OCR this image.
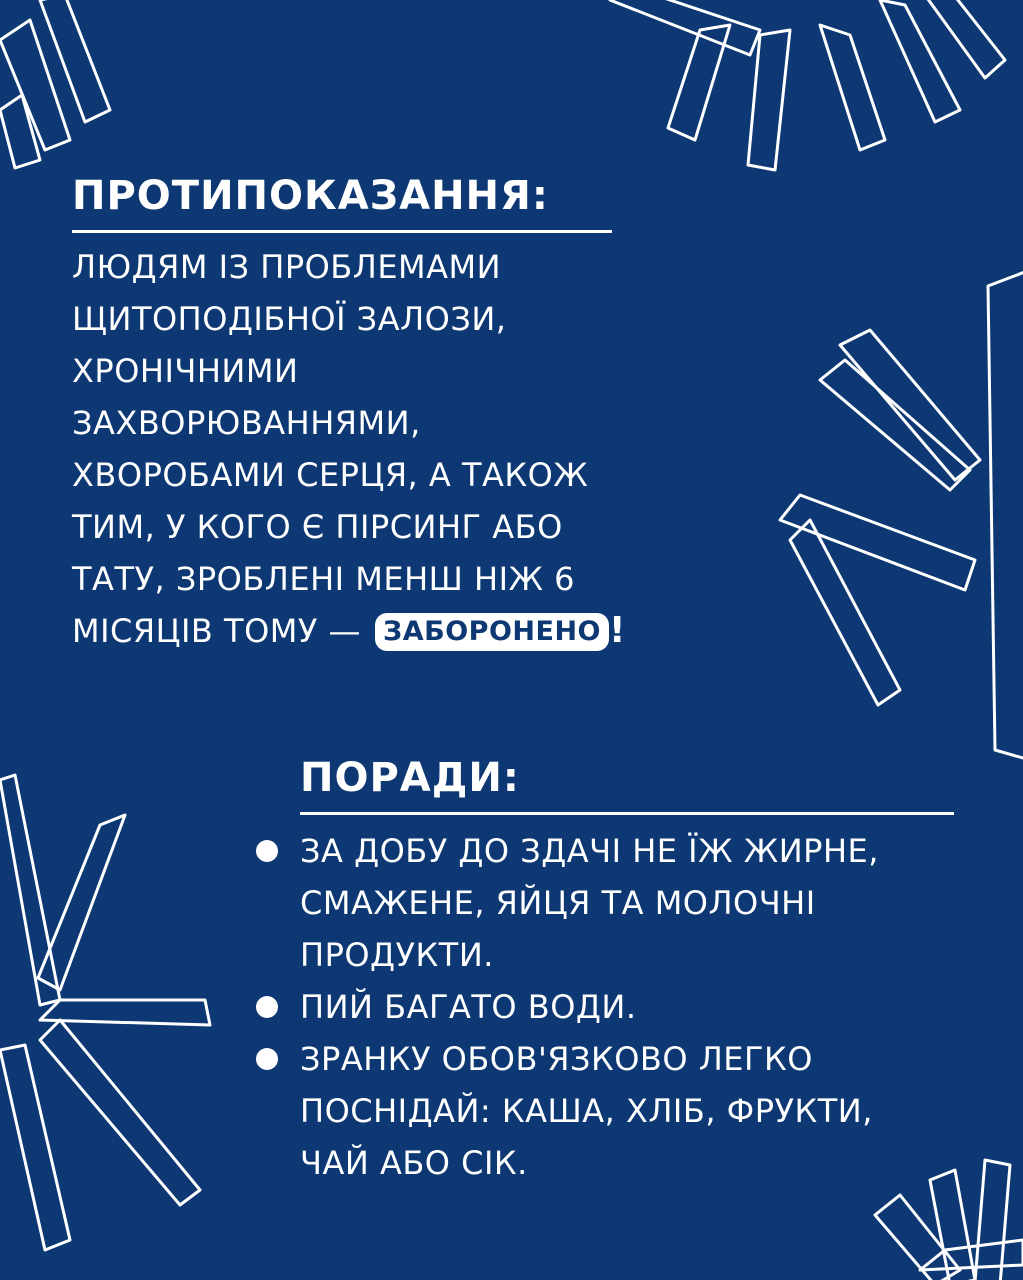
ПРОТИПОКАЗАННЯ:
ЛЮДЯМ ІЗ ПРОБЛЕМАМИ
ЩИТОПОДІБНОЇ ЗАЛОЗИ,
ХРОНІЧНИМИ
ЗАХВОРЮВАННЯМИ,
ХВОРОБАМИ СЕРЦЯ, А ТАКОЖ
ТИМ, У КОГО Є ПІРСИНГ АБО
ТАТУ, ЗРОБЛЕНІ МЕНШ НІЖ 6
МІСЯЦІВ ТОМУ — ЗАБОРОНЕНО !
ПОРАДИ:
ЗА ДОБУ ДО ЗДАЧІ НЕ ЇЖ ЖИРНЕ,
СМАЖЕНЕ, ЯЙЦЯ ТА МОЛОЧНІ
ПРОДУКТИ.
ПИЙ БАГАТО ВОДИ.
ЗРАНКУ ОБОВ'ЯЗКОВО ЛЕГКО
ПОСНІДАЙ: КАША, ХЛІБ, ФРУКТИ,
ЧАЙ АБО СІК.
